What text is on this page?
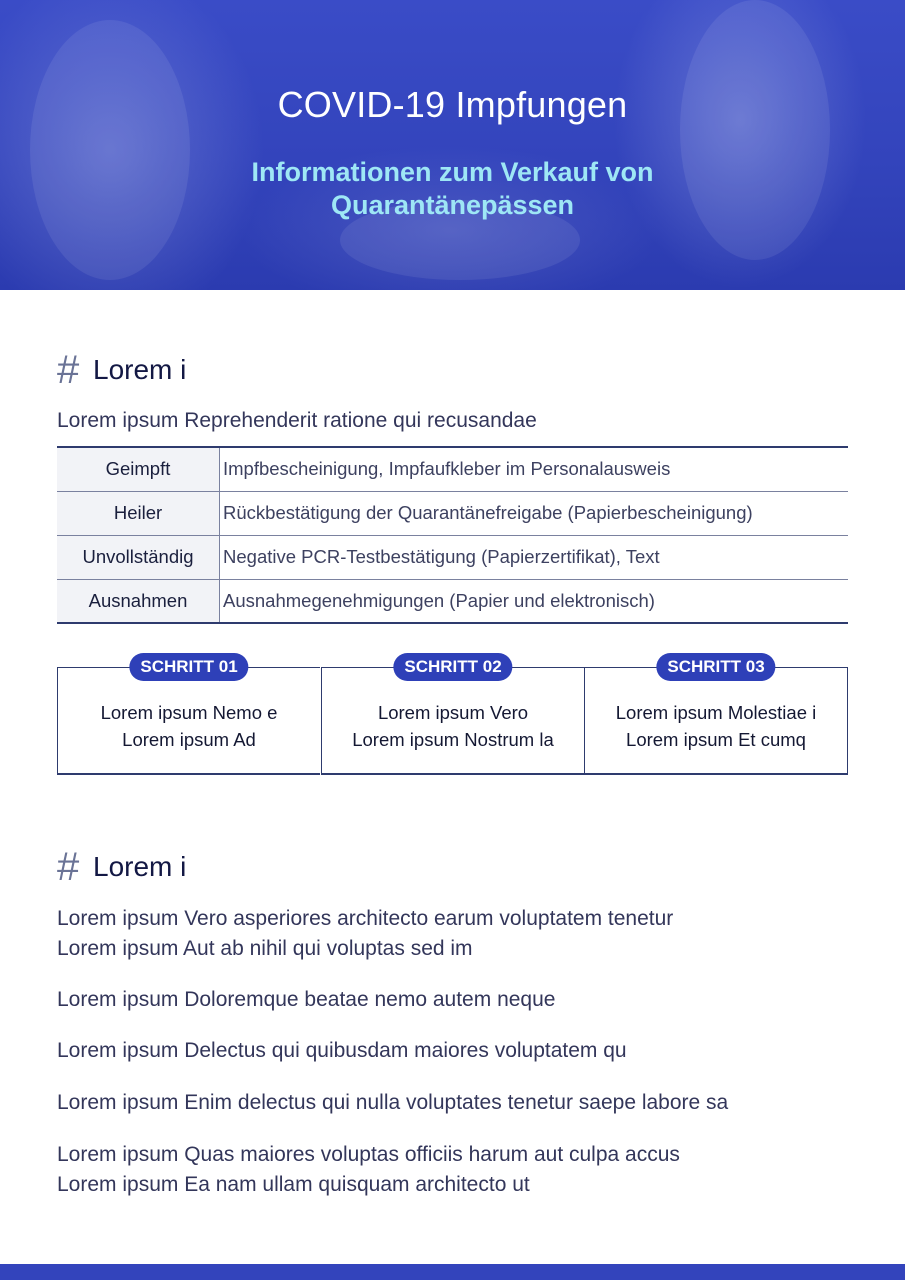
COVID-19 Impfungen
Informationen zum Verkauf von
Quarantänepässen
# Lorem i
Lorem ipsum Reprehenderit ratione qui recusandae
Geimpft	Impfbescheinigung, Impfaufkleber im Personalausweis
Heiler	Rückbestätigung der Quarantänefreigabe (Papierbescheinigung)
Unvollständig	Negative PCR-Testbestätigung (Papierzertifikat), Text
Ausnahmen	Ausnahmegenehmigungen (Papier und elektronisch)
SCHRITT 01
Lorem ipsum Nemo e
Lorem ipsum Ad
SCHRITT 02
Lorem ipsum Vero
Lorem ipsum Nostrum la
SCHRITT 03
Lorem ipsum Molestiae i
Lorem ipsum Et cumq
# Lorem i
Lorem ipsum Vero asperiores architecto earum voluptatem tenetur
Lorem ipsum Aut ab nihil qui voluptas sed im
Lorem ipsum Doloremque beatae nemo autem neque
Lorem ipsum Delectus qui quibusdam maiores voluptatem qu
Lorem ipsum Enim delectus qui nulla voluptates tenetur saepe labore sa
Lorem ipsum Quas maiores voluptas officiis harum aut culpa accus
Lorem ipsum Ea nam ullam quisquam architecto ut
